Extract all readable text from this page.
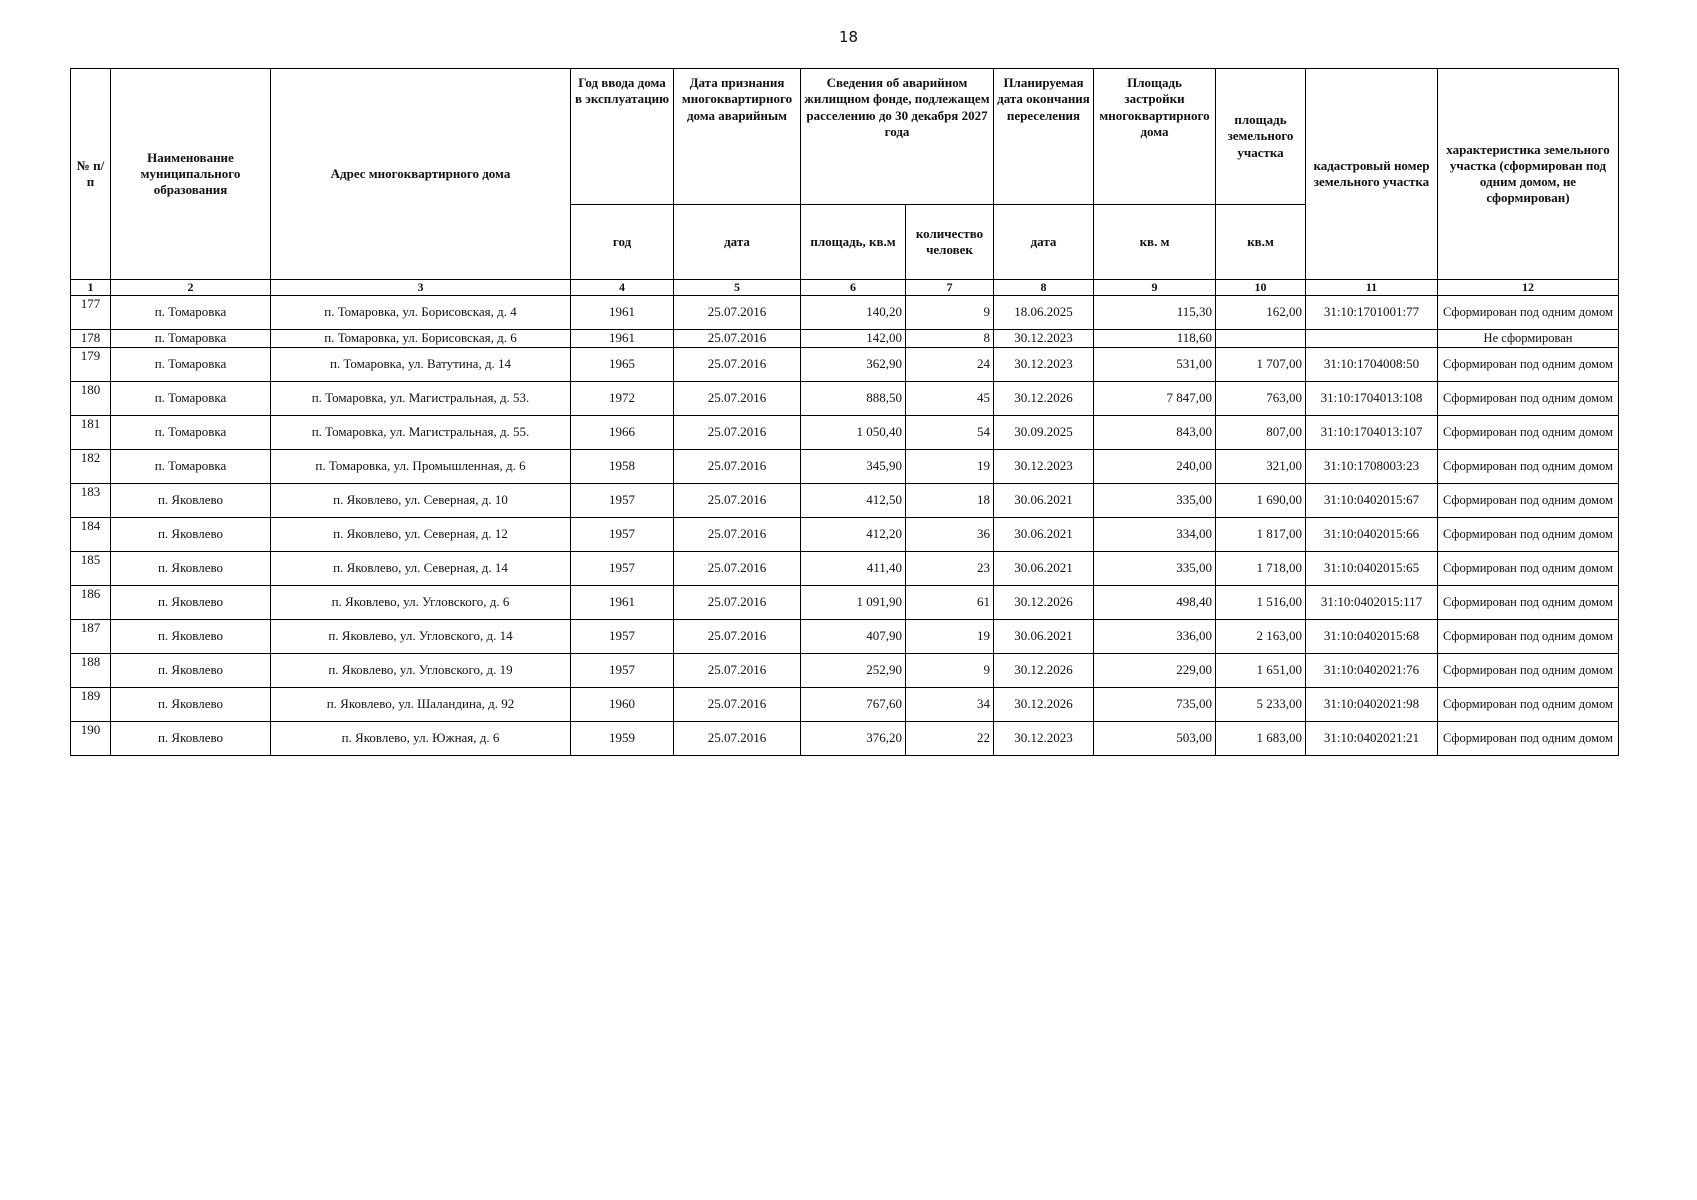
18
№ п/п	Наименование муниципального образования	Адрес многоквартирного дома	Год ввода дома в эксплуатацию	Дата признания многоквартирного дома аварийным	Сведения об аварийном жилищном фонде, подлежащем расселению до 30 декабря 2027 года		Планируемая дата окончания переселения	Площадь застройки многоквартирного дома	площадь земельного участка	кадастровый номер земельного участка	характеристика земельного участка (сформирован под одним домом, не сформирован)
			год	дата	площадь, кв.м	количество человек	дата	кв. м	кв.м		
1	2	3	4	5	6	7	8	9	10	11	12
177	п. Томаровка	п. Томаровка, ул. Борисовская, д. 4	1961	25.07.2016	140,20	9	18.06.2025	115,30	162,00	31:10:1701001:77	Сформирован под одним домом
178	п. Томаровка	п. Томаровка, ул. Борисовская, д. 6	1961	25.07.2016	142,00	8	30.12.2023	118,60			Не сформирован
179	п. Томаровка	п. Томаровка, ул. Ватутина, д. 14	1965	25.07.2016	362,90	24	30.12.2023	531,00	1 707,00	31:10:1704008:50	Сформирован под одним домом
180	п. Томаровка	п. Томаровка, ул. Магистральная, д. 53.	1972	25.07.2016	888,50	45	30.12.2026	7 847,00	763,00	31:10:1704013:108	Сформирован под одним домом
181	п. Томаровка	п. Томаровка, ул. Магистральная, д. 55.	1966	25.07.2016	1 050,40	54	30.09.2025	843,00	807,00	31:10:1704013:107	Сформирован под одним домом
182	п. Томаровка	п. Томаровка, ул. Промышленная, д. 6	1958	25.07.2016	345,90	19	30.12.2023	240,00	321,00	31:10:1708003:23	Сформирован под одним домом
183	п. Яковлево	п. Яковлево, ул. Северная, д. 10	1957	25.07.2016	412,50	18	30.06.2021	335,00	1 690,00	31:10:0402015:67	Сформирован под одним домом
184	п. Яковлево	п. Яковлево, ул. Северная, д. 12	1957	25.07.2016	412,20	36	30.06.2021	334,00	1 817,00	31:10:0402015:66	Сформирован под одним домом
185	п. Яковлево	п. Яковлево, ул. Северная, д. 14	1957	25.07.2016	411,40	23	30.06.2021	335,00	1 718,00	31:10:0402015:65	Сформирован под одним домом
186	п. Яковлево	п. Яковлево, ул. Угловского, д. 6	1961	25.07.2016	1 091,90	61	30.12.2026	498,40	1 516,00	31:10:0402015:117	Сформирован под одним домом
187	п. Яковлево	п. Яковлево, ул. Угловского, д. 14	1957	25.07.2016	407,90	19	30.06.2021	336,00	2 163,00	31:10:0402015:68	Сформирован под одним домом
188	п. Яковлево	п. Яковлево, ул. Угловского, д. 19	1957	25.07.2016	252,90	9	30.12.2026	229,00	1 651,00	31:10:0402021:76	Сформирован под одним домом
189	п. Яковлево	п. Яковлево, ул. Шаландина, д. 92	1960	25.07.2016	767,60	34	30.12.2026	735,00	5 233,00	31:10:0402021:98	Сформирован под одним домом
190	п. Яковлево	п. Яковлево, ул. Южная, д. 6	1959	25.07.2016	376,20	22	30.12.2023	503,00	1 683,00	31:10:0402021:21	Сформирован под одним домом
